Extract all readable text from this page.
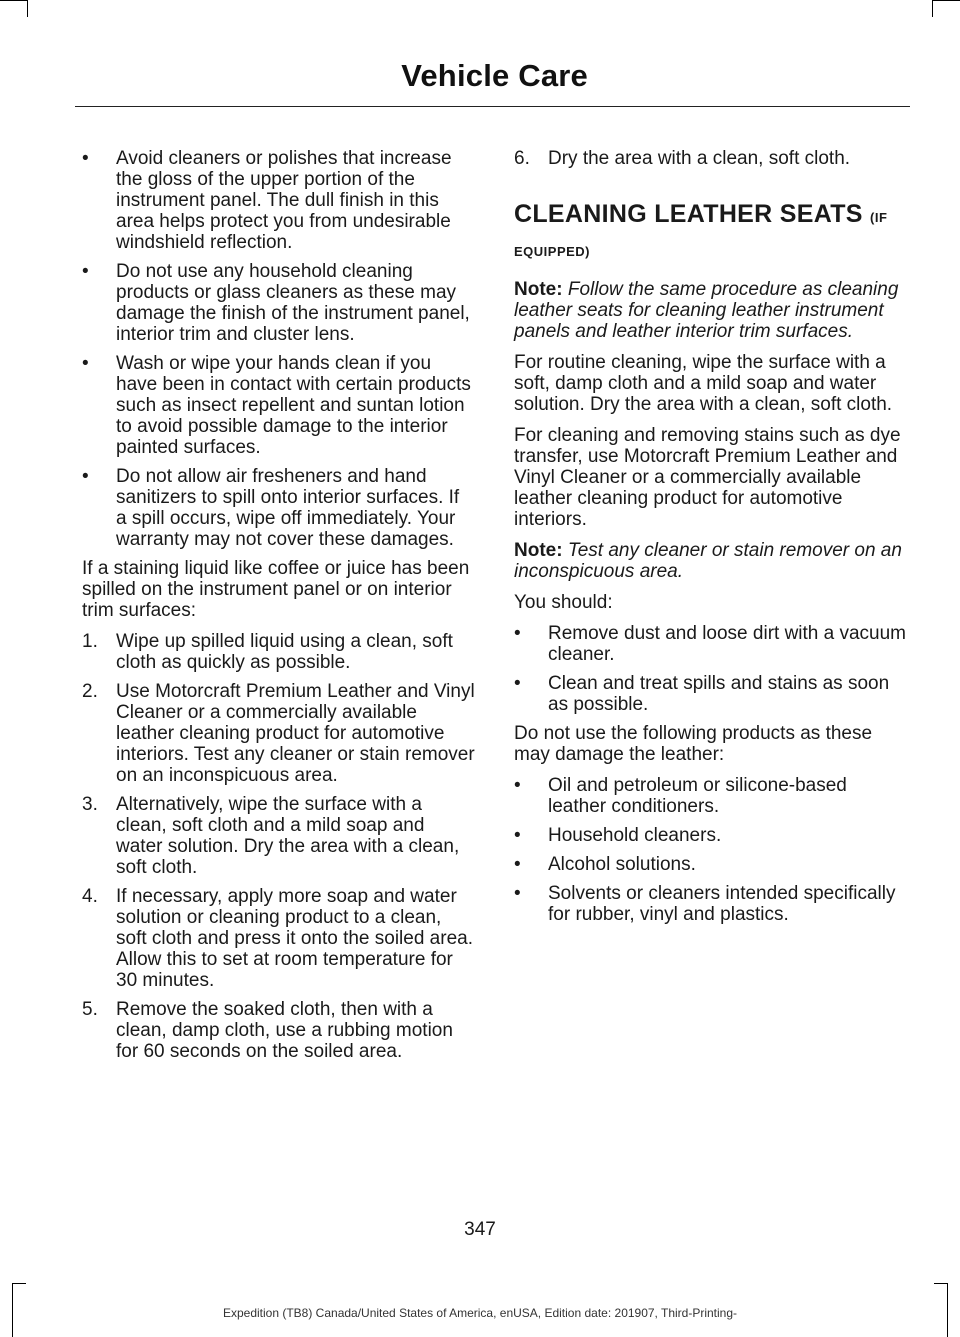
Vehicle Care
• Avoid cleaners or polishes that increase the gloss of the upper portion of the instrument panel. The dull finish in this area helps protect you from undesirable windshield reflection.
• Do not use any household cleaning products or glass cleaners as these may damage the finish of the instrument panel, interior trim and cluster lens.
• Wash or wipe your hands clean if you have been in contact with certain products such as insect repellent and suntan lotion to avoid possible damage to the interior painted surfaces.
• Do not allow air fresheners and hand sanitizers to spill onto interior surfaces. If a spill occurs, wipe off immediately. Your warranty may not cover these damages.

If a staining liquid like coffee or juice has been spilled on the instrument panel or on interior trim surfaces:

1. Wipe up spilled liquid using a clean, soft cloth as quickly as possible.
2. Use Motorcraft Premium Leather and Vinyl Cleaner or a commercially available leather cleaning product for automotive interiors. Test any cleaner or stain remover on an inconspicuous area.
3. Alternatively, wipe the surface with a clean, soft cloth and a mild soap and water solution. Dry the area with a clean, soft cloth.
4. If necessary, apply more soap and water solution or cleaning product to a clean, soft cloth and press it onto the soiled area. Allow this to set at room temperature for 30 minutes.
5. Remove the soaked cloth, then with a clean, damp cloth, use a rubbing motion for 60 seconds on the soiled area.
6. Dry the area with a clean, soft cloth.
CLEANING LEATHER SEATS (IF EQUIPPED)

Note: Follow the same procedure as cleaning leather seats for cleaning leather instrument panels and leather interior trim surfaces.

For routine cleaning, wipe the surface with a soft, damp cloth and a mild soap and water solution. Dry the area with a clean, soft cloth.

For cleaning and removing stains such as dye transfer, use Motorcraft Premium Leather and Vinyl Cleaner or a commercially available leather cleaning product for automotive interiors.

Note: Test any cleaner or stain remover on an inconspicuous area.

You should:

• Remove dust and loose dirt with a vacuum cleaner.
• Clean and treat spills and stains as soon as possible.

Do not use the following products as these may damage the leather:

• Oil and petroleum or silicone-based leather conditioners.
• Household cleaners.
• Alcohol solutions.
• Solvents or cleaners intended specifically for rubber, vinyl and plastics.
347
Expedition (TB8) Canada/United States of America, enUSA, Edition date: 201907, Third-Printing-
